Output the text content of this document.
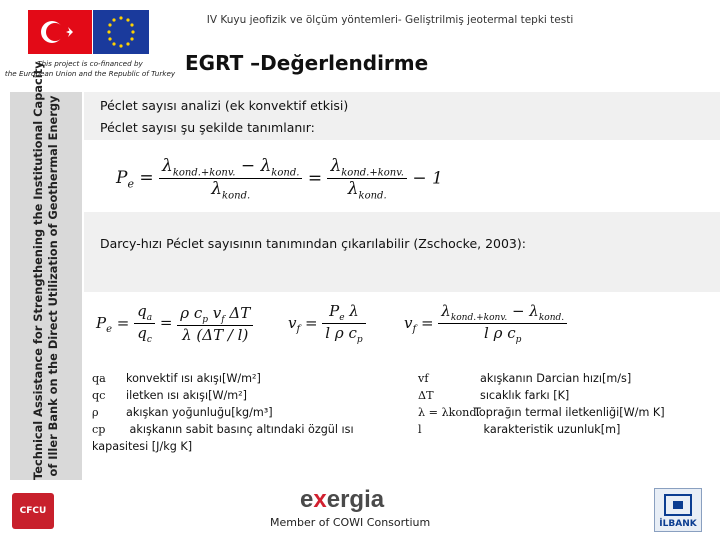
This project is co-financed by
the European Union and the Republic of Turkey
IV Kuyu jeofizik ve ölçüm yöntemleri- Geliştrilmiş jeotermal tepki testi
EGRT –Değerlendirme
Technical Assistance for Strengthening the Institutional Capacity of Iller Bank on the Direct Utilization of Geothermal Energy	Péclet sayısı analizi (ek konvektif etkisi)
Péclet sayısı şu şekilde tanımlanır:
$P_e = \frac{\lambda_{kond.+konv.} - \lambda_{kond.}}{\lambda_{kond.}} = \frac{\lambda_{kond.+konv.}}{\lambda_{kond.}} - 1$
Darcy-hızı Péclet sayısının tanımından çıkarılabilir (Zschocke, 2003):
$P_e = \frac{q_a}{q_c} = \frac{\rho c_p v_f \Delta T}{\lambda (\Delta T / l)} v_f = \frac{P_e \lambda}{l \rho c_p}$	$v_f = \frac{\lambda_{kond.+konv.} - \lambda_{kond.}}{l \rho c_p}$
qa konvektif ısı akışı[W/m²]
qc iletken ısı akışı[W/m²]
ρ akışkan yoğunluğu[kg/m³]
cp akışkanın sabit basınç altındaki özgül ısı
kapasitesi [J/kg K]
vf	akışkanın Darcian hızı[m/s]
ΔT	sıcaklık farkı [K]
λ = λkond.Toprağın termal iletkenliği[W/m K]
l	karakteristik uzunluk[m]
CFCU	exergia
Member of COWI Consortium	İLBANK
